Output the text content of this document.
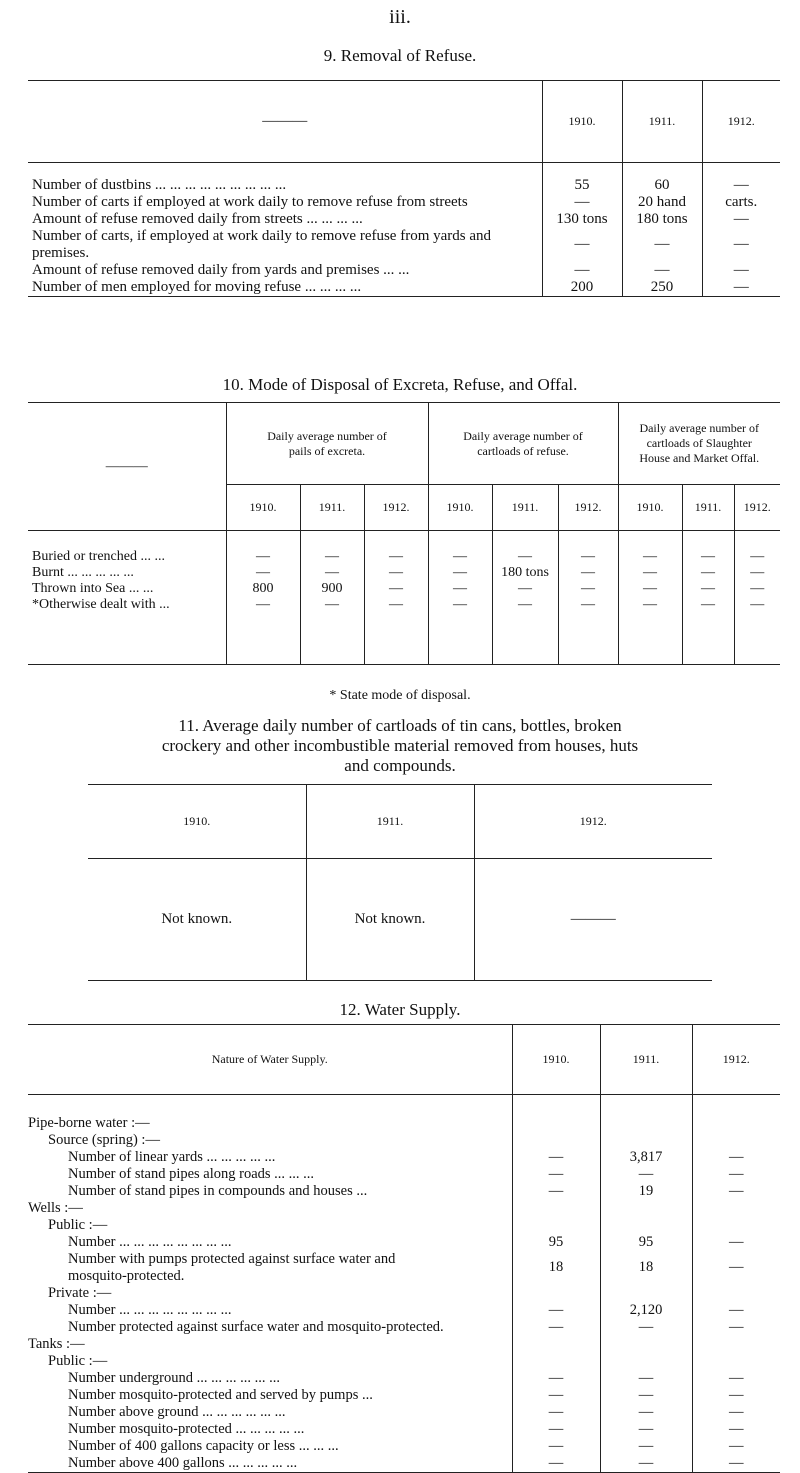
iii.
9. Removal of Refuse.
———	1910.	1911.	1912.

Number of dustbins ... ... ... ... ... ... ... ... ...	55	60	—
Number of carts if employed at work daily to remove refuse from streets	—	20 hand	carts.
Amount of refuse removed daily from streets ... ... ... ...	130 tons	180 tons	—
Number of carts, if employed at work daily to remove refuse from yards and premises.	—	—	—
Amount of refuse removed daily from yards and premises ... ...	—	—	—
Number of men employed for moving refuse ... ... ... ...	200	250	—
10. Mode of Disposal of Excreta, Refuse, and Offal.
———	Daily average number of pails of excreta.			Daily average number of cartloads of refuse.			Daily average number of cartloads of Slaughter House and Market Offal.		
	1910.	1911.	1912.	1910.	1911.	1912.	1910.	1911.	1912.

Buried or trenched ... ...	—	—	—	—	—	—	—	—	—
Burnt ... ... ... ... ...	—	—	—	—	180 tons	—	—	—	—
Thrown into Sea ... ...	800	900	—	—	—	—	—	—	—
*Otherwise dealt with ...	—	—	—	—	—	—	—	—	—

* State mode of disposal.
11. Average daily number of cartloads of tin cans, bottles, broken crockery and other incombustible material removed from houses, huts and compounds.
1910.	1911.	1912.
Not known.	Not known.	———
12. Water Supply.
Nature of Water Supply.	1910.	1911.	1912.

Pipe-borne water :—			
Source (spring) :—			
Number of linear yards ... ... ... ... ...	—	3,817	—
Number of stand pipes along roads ... ... ...	—	—	—
Number of stand pipes in compounds and houses ...	—	19	—
Wells :—			
Public :—			
Number ... ... ... ... ... ... ... ...	95	95	—
Number with pumps protected against surface water and mosquito-protected.	18	18	—
Private :—			
Number ... ... ... ... ... ... ... ...	—	2,120	—
Number protected against surface water and mosquito-protected.	—	—	—
Tanks :—			
Public :—			
Number underground ... ... ... ... ... ...	—	—	—
Number mosquito-protected and served by pumps ...	—	—	—
Number above ground ... ... ... ... ... ...	—	—	—
Number mosquito-protected ... ... ... ... ...	—	—	—
Number of 400 gallons capacity or less ... ... ...	—	—	—
Number above 400 gallons ... ... ... ... ...	—	—	—
